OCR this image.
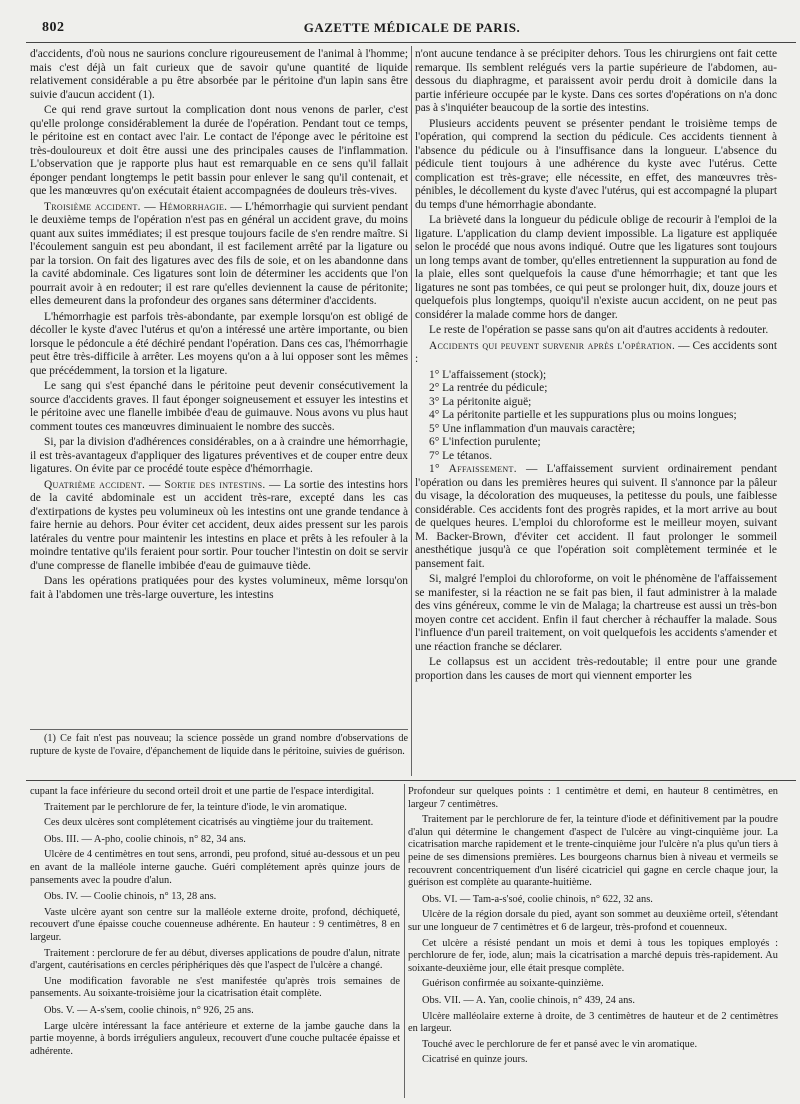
802	GAZETTE MÉDICALE DE PARIS.

d'accidents, d'où nous ne saurions conclure rigoureusement de l'animal à l'homme; mais c'est déjà un fait curieux que de savoir qu'une quantité de liquide relativement considérable a pu être absorbée par le péritoine d'un lapin sans être suivie d'aucun accident (1).

Ce qui rend grave surtout la complication dont nous venons de parler, c'est qu'elle prolonge considérablement la durée de l'opération. Pendant tout ce temps, le péritoine est en contact avec l'air. Le contact de l'éponge avec le péritoine est très-douloureux et doit être aussi une des principales causes de l'inflammation. L'observation que je rapporte plus haut est remarquable en ce sens qu'il fallait éponger pendant longtemps le petit bassin pour enlever le sang qu'il contenait, et que les manœuvres qu'on exécutait étaient accompagnées de douleurs très-vives.

Troisième accident. — Hémorrhagie. — L'hémorrhagie qui survient pendant le deuxième temps de l'opération n'est pas en général un accident grave, du moins quant aux suites immédiates; il est presque toujours facile de s'en rendre maître. Si l'écoulement sanguin est peu abondant, il est facilement arrêté par la ligature ou par la torsion. On fait des ligatures avec des fils de soie, et on les abandonne dans la cavité abdominale. Ces ligatures sont loin de déterminer les accidents que l'on pourrait avoir à en redouter; il est rare qu'elles deviennent la cause de péritonite; elles demeurent dans la profondeur des organes sans déterminer d'accidents.

L'hémorrhagie est parfois très-abondante, par exemple lorsqu'on est obligé de décoller le kyste d'avec l'utérus et qu'on a intéressé une artère importante, ou bien lorsque le pédoncule a été déchiré pendant l'opération. Dans ces cas, l'hémorrhagie peut être très-difficile à arrêter. Les moyens qu'on a à lui opposer sont les mêmes que précédemment, la torsion et la ligature.

Le sang qui s'est épanché dans le péritoine peut devenir consécutivement la source d'accidents graves. Il faut éponger soigneusement et essuyer les intestins et le péritoine avec une flanelle imbibée d'eau de guimauve. Nous avons vu plus haut comment toutes ces manœuvres diminuaient le nombre des succès.

Si, par la division d'adhérences considérables, on a à craindre une hémorrhagie, il est très-avantageux d'appliquer des ligatures préventives et de couper entre deux ligatures. On évite par ce procédé toute espèce d'hémorrhagie.

Quatrième accident. — Sortie des intestins. — La sortie des intestins hors de la cavité abdominale est un accident très-rare, excepté dans les cas d'extirpations de kystes peu volumineux où les intestins ont une grande tendance à faire hernie au dehors. Pour éviter cet accident, deux aides pressent sur les parois latérales du ventre pour maintenir les intestins en place et prêts à les refouler à la moindre tentative qu'ils feraient pour sortir. Pour toucher l'intestin on doit se servir d'une compresse de flanelle imbibée d'eau de guimauve tiède.

Dans les opérations pratiquées pour des kystes volumineux, même lorsqu'on fait à l'abdomen une très-large ouverture, les intestins

(1) Ce fait n'est pas nouveau; la science possède un grand nombre d'observations de rupture de kyste de l'ovaire, d'épanchement de liquide dans le péritoine, suivies de guérison.

n'ont aucune tendance à se précipiter dehors. Tous les chirurgiens ont fait cette remarque. Ils semblent relégués vers la partie supérieure de l'abdomen, au-dessous du diaphragme, et paraissent avoir perdu droit à domicile dans la partie inférieure occupée par le kyste. Dans ces sortes d'opérations on n'a donc pas à s'inquiéter beaucoup de la sortie des intestins.

Plusieurs accidents peuvent se présenter pendant le troisième temps de l'opération, qui comprend la section du pédicule. Ces accidents tiennent à l'absence du pédicule ou à l'insuffisance dans la longueur. L'absence du pédicule tient toujours à une adhérence du kyste avec l'utérus. Cette complication est très-grave; elle nécessite, en effet, des manœuvres très-pénibles, le décollement du kyste d'avec l'utérus, qui est accompagné la plupart du temps d'une hémorrhagie abondante.

La brièveté dans la longueur du pédicule oblige de recourir à l'emploi de la ligature. L'application du clamp devient impossible. La ligature est appliquée selon le procédé que nous avons indiqué. Outre que les ligatures sont toujours un long temps avant de tomber, qu'elles entretiennent la suppuration au fond de la plaie, elles sont quelquefois la cause d'une hémorrhagie; et tant que les ligatures ne sont pas tombées, ce qui peut se prolonger huit, dix, douze jours et quelquefois plus longtemps, quoiqu'il n'existe aucun accident, on ne peut pas considérer la malade comme hors de danger.

Le reste de l'opération se passe sans qu'on ait d'autres accidents à redouter.

Accidents qui peuvent survenir après l'opération. — Ces accidents sont :

1° L'affaissement (stock);
2° La rentrée du pédicule;
3° La péritonite aiguë;
4° La péritonite partielle et les suppurations plus ou moins longues;
5° Une inflammation d'un mauvais caractère;
6° L'infection purulente;
7° Le tétanos.

1° Affaissement. — L'affaissement survient ordinairement pendant l'opération ou dans les premières heures qui suivent. Il s'annonce par la pâleur du visage, la décoloration des muqueuses, la petitesse du pouls, une faiblesse considérable. Ces accidents font des progrès rapides, et la mort arrive au bout de quelques heures. L'emploi du chloroforme est le meilleur moyen, suivant M. Backer-Brown, d'éviter cet accident. Il faut prolonger le sommeil anesthétique jusqu'à ce que l'opération soit complètement terminée et le pansement fait.

Si, malgré l'emploi du chloroforme, on voit le phénomène de l'affaissement se manifester, si la réaction ne se fait pas bien, il faut administrer à la malade des vins généreux, comme le vin de Malaga; la chartreuse est aussi un très-bon moyen contre cet accident. Enfin il faut chercher à réchauffer la malade. Sous l'influence d'un pareil traitement, on voit quelquefois les accidents s'amender et une réaction franche se déclarer.

Le collapsus est un accident très-redoutable; il entre pour une grande proportion dans les causes de mort qui viennent emporter les

cupant la face inférieure du second orteil droit et une partie de l'espace interdigital.

Traitement par le perchlorure de fer, la teinture d'iode, le vin aromatique.

Ces deux ulcères sont complétement cicatrisés au vingtième jour du traitement.

Obs. III. — A-pho, coolie chinois, n° 82, 34 ans.

Ulcère de 4 centimètres en tout sens, arrondi, peu profond, situé au-dessous et un peu en avant de la malléole interne gauche. Guéri complétement après quinze jours de pansements avec la poudre d'alun.

Obs. IV. — Coolie chinois, n° 13, 28 ans.

Vaste ulcère ayant son centre sur la malléole externe droite, profond, déchiqueté, recouvert d'une épaisse couche couenneuse adhérente. En hauteur : 9 centimètres, 8 en largeur.

Traitement : perclorure de fer au début, diverses applications de poudre d'alun, nitrate d'argent, cautérisations en cercles périphériques dès que l'aspect de l'ulcère a changé.

Une modification favorable ne s'est manifestée qu'après trois semaines de pansements. Au soixante-troisième jour la cicatrisation était complète.

Obs. V. — A-s'sem, coolie chinois, n° 926, 25 ans.

Large ulcère intéressant la face antérieure et externe de la jambe gauche dans la partie moyenne, à bords irréguliers anguleux, recouvert d'une couche pultacée épaisse et adhérente.

Profondeur sur quelques points : 1 centimètre et demi, en hauteur 8 centimètres, en largeur 7 centimètres.

Traitement par le perchlorure de fer, la teinture d'iode et définitivement par la poudre d'alun qui détermine le changement d'aspect de l'ulcère au vingt-cinquième jour. La cicatrisation marche rapidement et le trente-cinquième jour l'ulcère n'a plus qu'un tiers à peine de ses dimensions premières. Les bourgeons charnus bien à niveau et vermeils se recouvrent concentriquement d'un liséré cicatriciel qui gagne en cercle chaque jour, la guérison est complète au quarante-huitième.

Obs. VI. — Tam-a-s'soé, coolie chinois, n° 622, 32 ans.

Ulcère de la région dorsale du pied, ayant son sommet au deuxième orteil, s'étendant sur une longueur de 7 centimètres et 6 de largeur, très-profond et couenneux.

Cet ulcère a résisté pendant un mois et demi à tous les topiques employés : perchlorure de fer, iode, alun; mais la cicatrisation a marché depuis très-rapidement. Au soixante-deuxième jour, elle était presque complète.

Guérison confirmée au soixante-quinzième.

Obs. VII. — A. Yan, coolie chinois, n° 439, 24 ans.

Ulcère malléolaire externe à droite, de 3 centimètres de hauteur et de 2 centimètres en largeur.

Touché avec le perchlorure de fer et pansé avec le vin aromatique.

Cicatrisé en quinze jours.
